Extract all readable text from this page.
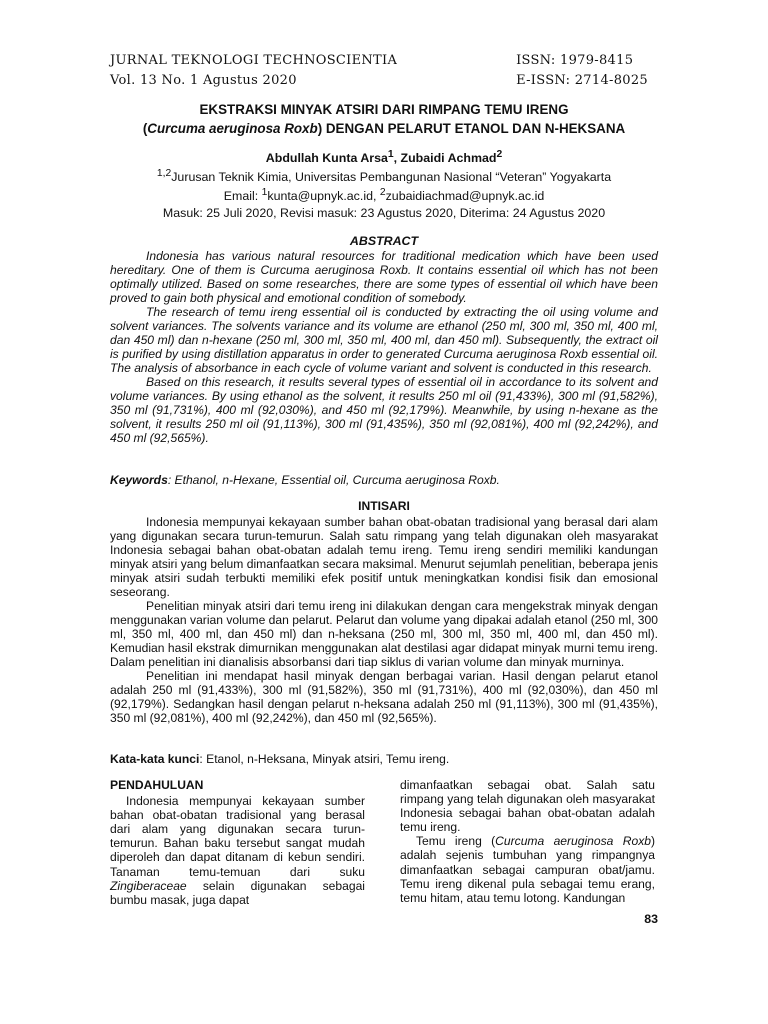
JURNAL TEKNOLOGI TECHNOSCIENTIA
Vol. 13 No. 1 Agustus 2020
ISSN: 1979-8415
E-ISSN: 2714-8025
EKSTRAKSI MINYAK ATSIRI DARI RIMPANG TEMU IRENG
(Curcuma aeruginosa Roxb) DENGAN PELARUT ETANOL DAN N-HEKSANA
Abdullah Kunta Arsa$^1$, Zubaidi Achmad$^2$
$^{1,2}$Jurusan Teknik Kimia, Universitas Pembangunan Nasional “Veteran” Yogyakarta
Email: $^1$kunta@upnyk.ac.id, $^2$zubaidiachmad@upnyk.ac.id
Masuk: 25 Juli 2020, Revisi masuk: 23 Agustus 2020, Diterima: 24 Agustus 2020
ABSTRACT

Indonesia has various natural resources for traditional medication which have been used hereditary. One of them is Curcuma aeruginosa Roxb. It contains essential oil which has not been optimally utilized. Based on some researches, there are some types of essential oil which have been proved to gain both physical and emotional condition of somebody.

The research of temu ireng essential oil is conducted by extracting the oil using volume and solvent variances. The solvents variance and its volume are ethanol (250 ml, 300 ml, 350 ml, 400 ml, dan 450 ml) dan n-hexane (250 ml, 300 ml, 350 ml, 400 ml, dan 450 ml). Subsequently, the extract oil is purified by using distillation apparatus in order to generated Curcuma aeruginosa Roxb essential oil. The analysis of absorbance in each cycle of volume variant and solvent is conducted in this research.

Based on this research, it results several types of essential oil in accordance to its solvent and volume variances. By using ethanol as the solvent, it results 250 ml oil (91,433%), 300 ml (91,582%), 350 ml (91,731%), 400 ml (92,030%), and 450 ml (92,179%). Meanwhile, by using n-hexane as the solvent, it results 250 ml oil (91,113%), 300 ml (91,435%), 350 ml (92,081%), 400 ml (92,242%), and 450 ml (92,565%).

Keywords: Ethanol, n-Hexane, Essential oil, Curcuma aeruginosa Roxb.
INTISARI

Indonesia mempunyai kekayaan sumber bahan obat-obatan tradisional yang berasal dari alam yang digunakan secara turun-temurun. Salah satu rimpang yang telah digunakan oleh masyarakat Indonesia sebagai bahan obat-obatan adalah temu ireng. Temu ireng sendiri memiliki kandungan minyak atsiri yang belum dimanfaatkan secara maksimal. Menurut sejumlah penelitian, beberapa jenis minyak atsiri sudah terbukti memiliki efek positif untuk meningkatkan kondisi fisik dan emosional seseorang.

Penelitian minyak atsiri dari temu ireng ini dilakukan dengan cara mengekstrak minyak dengan menggunakan varian volume dan pelarut. Pelarut dan volume yang dipakai adalah etanol (250 ml, 300 ml, 350 ml, 400 ml, dan 450 ml) dan n-heksana (250 ml, 300 ml, 350 ml, 400 ml, dan 450 ml). Kemudian hasil ekstrak dimurnikan menggunakan alat destilasi agar didapat minyak murni temu ireng. Dalam penelitian ini dianalisis absorbansi dari tiap siklus di varian volume dan minyak murninya.

Penelitian ini mendapat hasil minyak dengan berbagai varian. Hasil dengan pelarut etanol adalah 250 ml (91,433%), 300 ml (91,582%), 350 ml (91,731%), 400 ml (92,030%), dan 450 ml (92,179%). Sedangkan hasil dengan pelarut n-heksana adalah 250 ml (91,113%), 300 ml (91,435%), 350 ml (92,081%), 400 ml (92,242%), dan 450 ml (92,565%).

Kata-kata kunci: Etanol, n-Heksana, Minyak atsiri, Temu ireng.
PENDAHULUAN

Indonesia mempunyai kekayaan sumber bahan obat-obatan tradisional yang berasal dari alam yang digunakan secara turun-temurun. Bahan baku tersebut sangat mudah diperoleh dan dapat ditanam di kebun sendiri. Tanaman temu-temuan dari suku Zingiberaceae selain digunakan sebagai bumbu masak, juga dapat

dimanfaatkan sebagai obat. Salah satu rimpang yang telah digunakan oleh masyarakat Indonesia sebagai bahan obat-obatan adalah temu ireng.

Temu ireng (Curcuma aeruginosa Roxb) adalah sejenis tumbuhan yang rimpangnya dimanfaatkan sebagai campuran obat/jamu. Temu ireng dikenal pula sebagai temu erang, temu hitam, atau temu lotong. Kandungan

83
